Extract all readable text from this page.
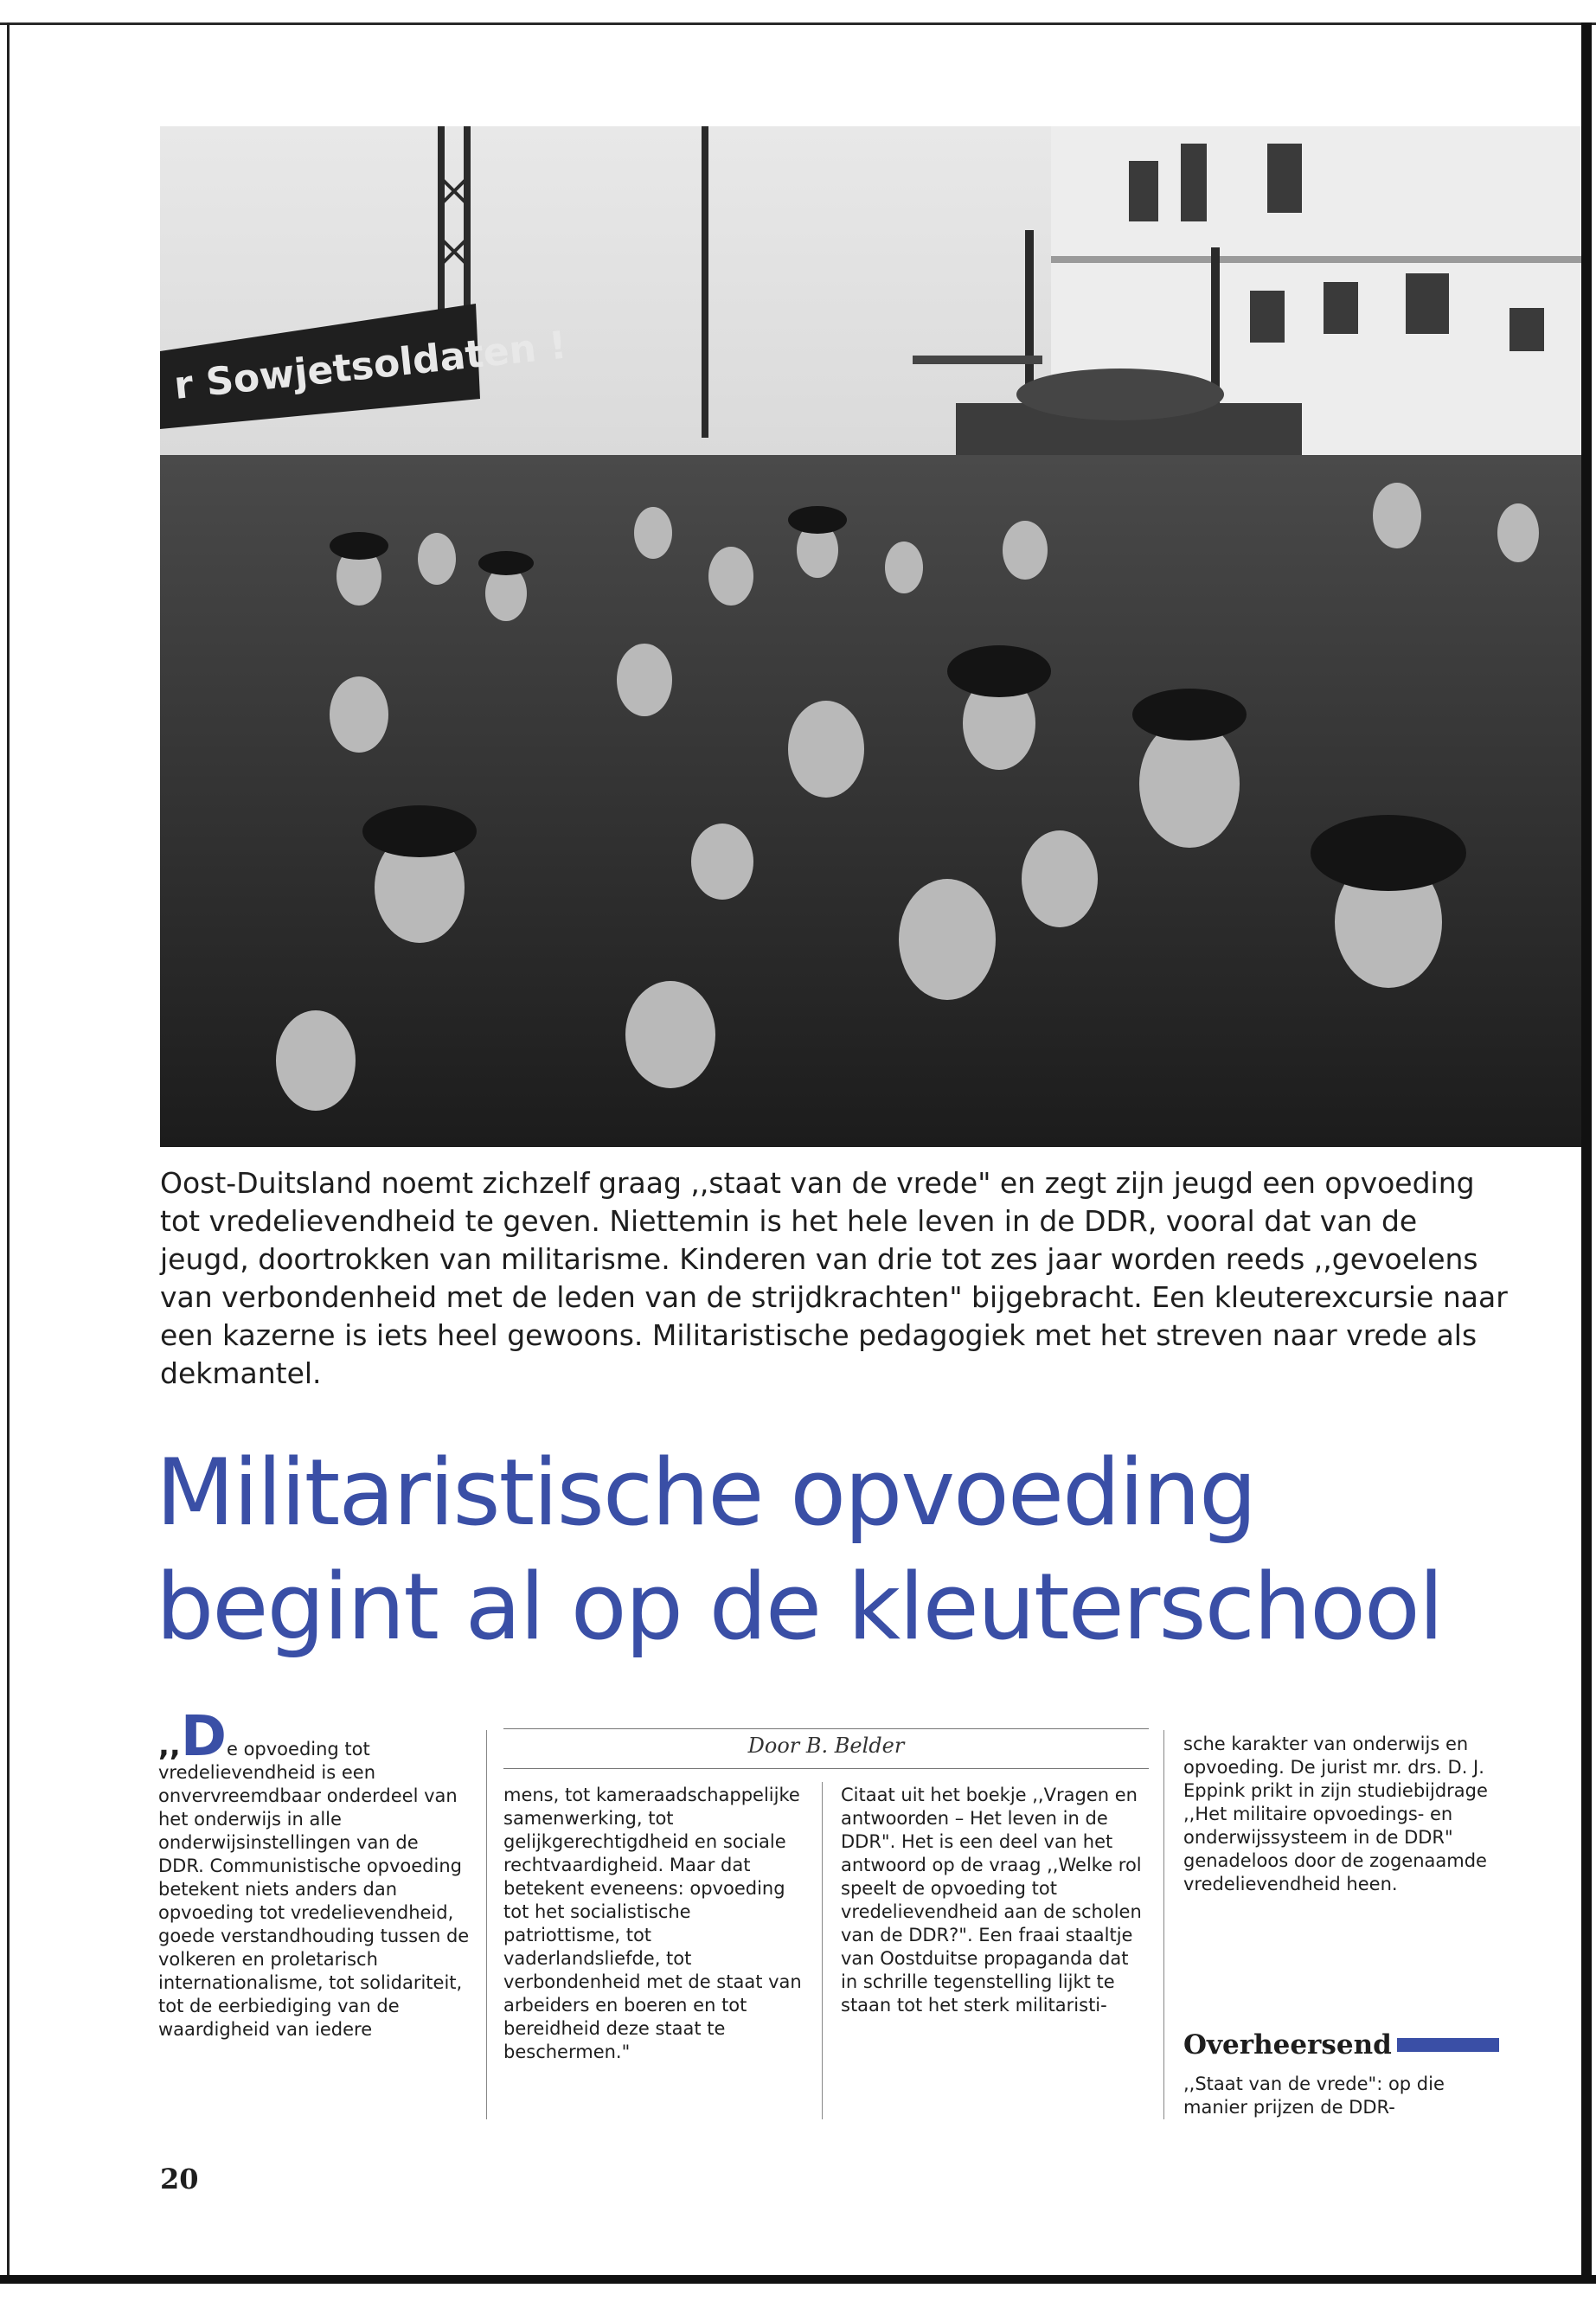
r Sowjetsoldaten !

Oost-Duitsland noemt zichzelf graag ,,staat van de vrede" en zegt zijn jeugd een opvoeding tot vredelievendheid te geven. Niettemin is het hele leven in de DDR, vooral dat van de jeugd, doortrokken van militarisme. Kinderen van drie tot zes jaar worden reeds ,,gevoelens van verbondenheid met de leden van de strijdkrachten" bijgebracht. Een kleuterexcursie naar een kazerne is iets heel gewoons. Militaristische pedagogiek met het streven naar vrede als dekmantel.

Militaristische opvoeding
begint al op de kleuterschool
Door B. Belder

,,De opvoeding tot vredelievendheid is een onvervreemdbaar onderdeel van het onderwijs in alle onderwijsinstellingen van de DDR. Communistische opvoeding betekent niets anders dan opvoeding tot vredelievendheid, goede verstandhouding tussen de volkeren en proletarisch internationalisme, tot solidariteit, tot de eerbiediging van de waardigheid van iedere

mens, tot kameraadschappelijke samenwerking, tot gelijkgerechtigdheid en sociale rechtvaardigheid. Maar dat betekent eveneens: opvoeding tot het socialistische patriottisme, tot vaderlandsliefde, tot verbondenheid met de staat van arbeiders en boeren en tot bereidheid deze staat te beschermen."

Citaat uit het boekje ,,Vragen en antwoorden – Het leven in de DDR". Het is een deel van het antwoord op de vraag ,,Welke rol speelt de opvoeding tot vredelievendheid aan de scholen van de DDR?". Een fraai staaltje van Oostduitse propaganda dat in schrille tegenstelling lijkt te staan tot het sterk militaristi-

sche karakter van onderwijs en opvoeding. De jurist mr. drs. D. J. Eppink prikt in zijn studiebijdrage ,,Het militaire opvoedings- en onderwijssysteem in de DDR" genadeloos door de zogenaamde vredelievendheid heen.

Overheersend

,,Staat van de vrede": op die manier prijzen de DDR-

20
